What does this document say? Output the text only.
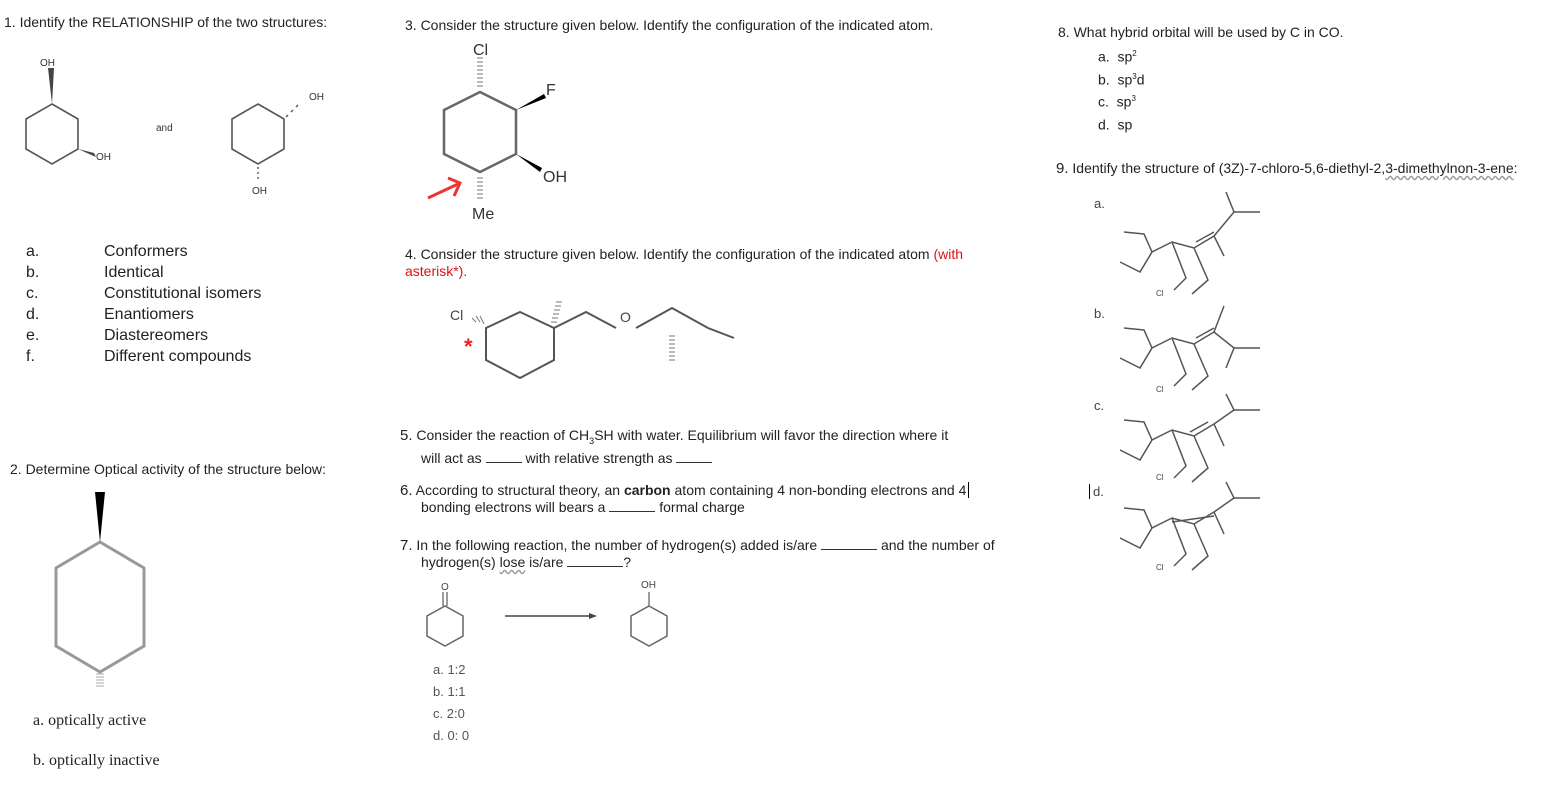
1. Identify the RELATIONSHIP of the two structures:
OH
OH
and
OH
OH
a.	Conformers
b.	Identical
c.	Constitutional isomers
d.	Enantiomers
e.	Diastereomers
f.	Different compounds
2. Determine Optical activity of the structure below:
a. optically active
b. optically inactive
3. Consider the structure given below. Identify the configuration of the indicated atom.
Cl
F
OH
Me
4. Consider the structure given below. Identify the configuration of the indicated atom (with asterisk*).
Cl	O
*
5. Consider the reaction of $CH_3SH$ with water. Equilibrium will favor the direction where it
will act as	with relative strength as
6. According to structural theory, an carbon atom containing 4 non-bonding electrons and 4
bonding electrons will bears a	formal charge
7. In the following reaction, the number of hydrogen(s) added is/are	and the number of
hydrogen(s) lose is/are	?
O	OH
a. 1:2
b. 1:1
c. 2:0
d. 0: 0
8. What hybrid orbital will be used by C in CO.
a. $sp^2$
b. $sp^3d$
c. $sp^3$
d. sp
9. Identify the structure of (3Z)-7-chloro-5,6-diethyl-2,3-dimethylnon-3-ene:
a.
b.
c.
d.
Cl
Cl
Cl
Cl
